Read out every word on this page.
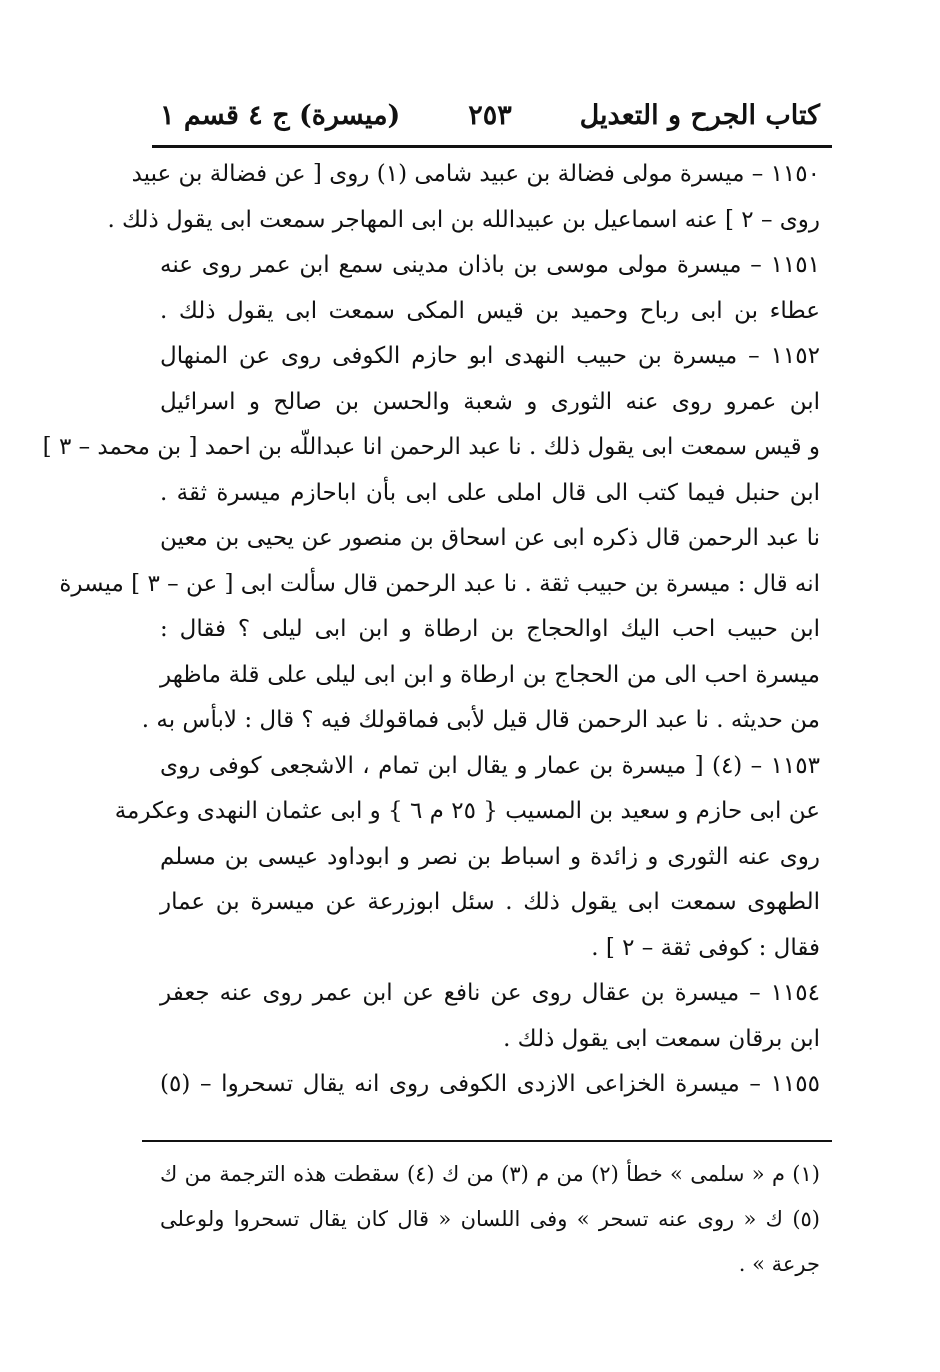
كتاب الجرح و التعديل
٢٥٣
(ميسرة) ج ٤ قسم ١
١١٥٠ – ميسرة مولى فضالة بن عبيد شامى (١) روى [ عن فضالة بن عبيد
روى – ٢ ] عنه اسماعيل بن عبيدالله بن ابى المهاجر سمعت ابى يقول ذلك .
١١٥١ – ميسرة مولى موسى بن باذان مدينى سمع ابن عمر روى عنه
عطاء بن ابى رباح وحميد بن قيس المكى سمعت ابى يقول ذلك .
١١٥٢ – ميسرة بن حبيب النهدى ابو حازم الكوفى روى عن المنهال
ابن عمرو روى عنه الثورى و شعبة والحسن بن صالح و اسرائيل
و قيس سمعت ابى يقول ذلك . نا عبد الرحمن انا عبداللّه بن احمد [ بن محمد – ٣ ]
ابن حنبل فيما كتب الى قال املى على ابى بأن اباحازم ميسرة ثقة .
نا عبد الرحمن قال ذكره ابى عن اسحاق بن منصور عن يحيى بن معين
انه قال : ميسرة بن حبيب ثقة . نا عبد الرحمن قال سألت ابى [ عن – ٣ ] ميسرة
ابن حبيب احب اليك اوالحجاج بن ارطاة و ابن ابى ليلى ؟ فقال :
ميسرة احب الى من الحجاج بن ارطاة و ابن ابى ليلى على قلة ماظهر
من حديثه . نا عبد الرحمن قال قيل لأبى فماقولك فيه ؟ قال : لابأس به .
١١٥٣ – (٤) [ ميسرة بن عمار و يقال ابن تمام ، الاشجعى كوفى روى
عن ابى حازم و سعيد بن المسيب { ٢٥ م ٦ } و ابى عثمان النهدى وعكرمة
روى عنه الثورى و زائدة و اسباط بن نصر و ابوداود عيسى بن مسلم
الطهوى سمعت ابى يقول ذلك . سئل ابوزرعة عن ميسرة بن عمار
فقال : كوفى ثقة – ٢ ] .
١١٥٤ – ميسرة بن عقال روى عن نافع عن ابن عمر روى عنه جعفر
ابن برقان سمعت ابى يقول ذلك .
١١٥٥ – ميسرة الخزاعى الازدى الكوفى روى انه يقال تسحروا – (٥)
(١) م « سلمى » خطأ (٢) من م (٣) من ك (٤) سقطت هذه الترجمة من ك
(٥) ك « روى عنه تسحر » وفى اللسان « قال كان يقال تسحروا ولوعلى
جرعة » .
